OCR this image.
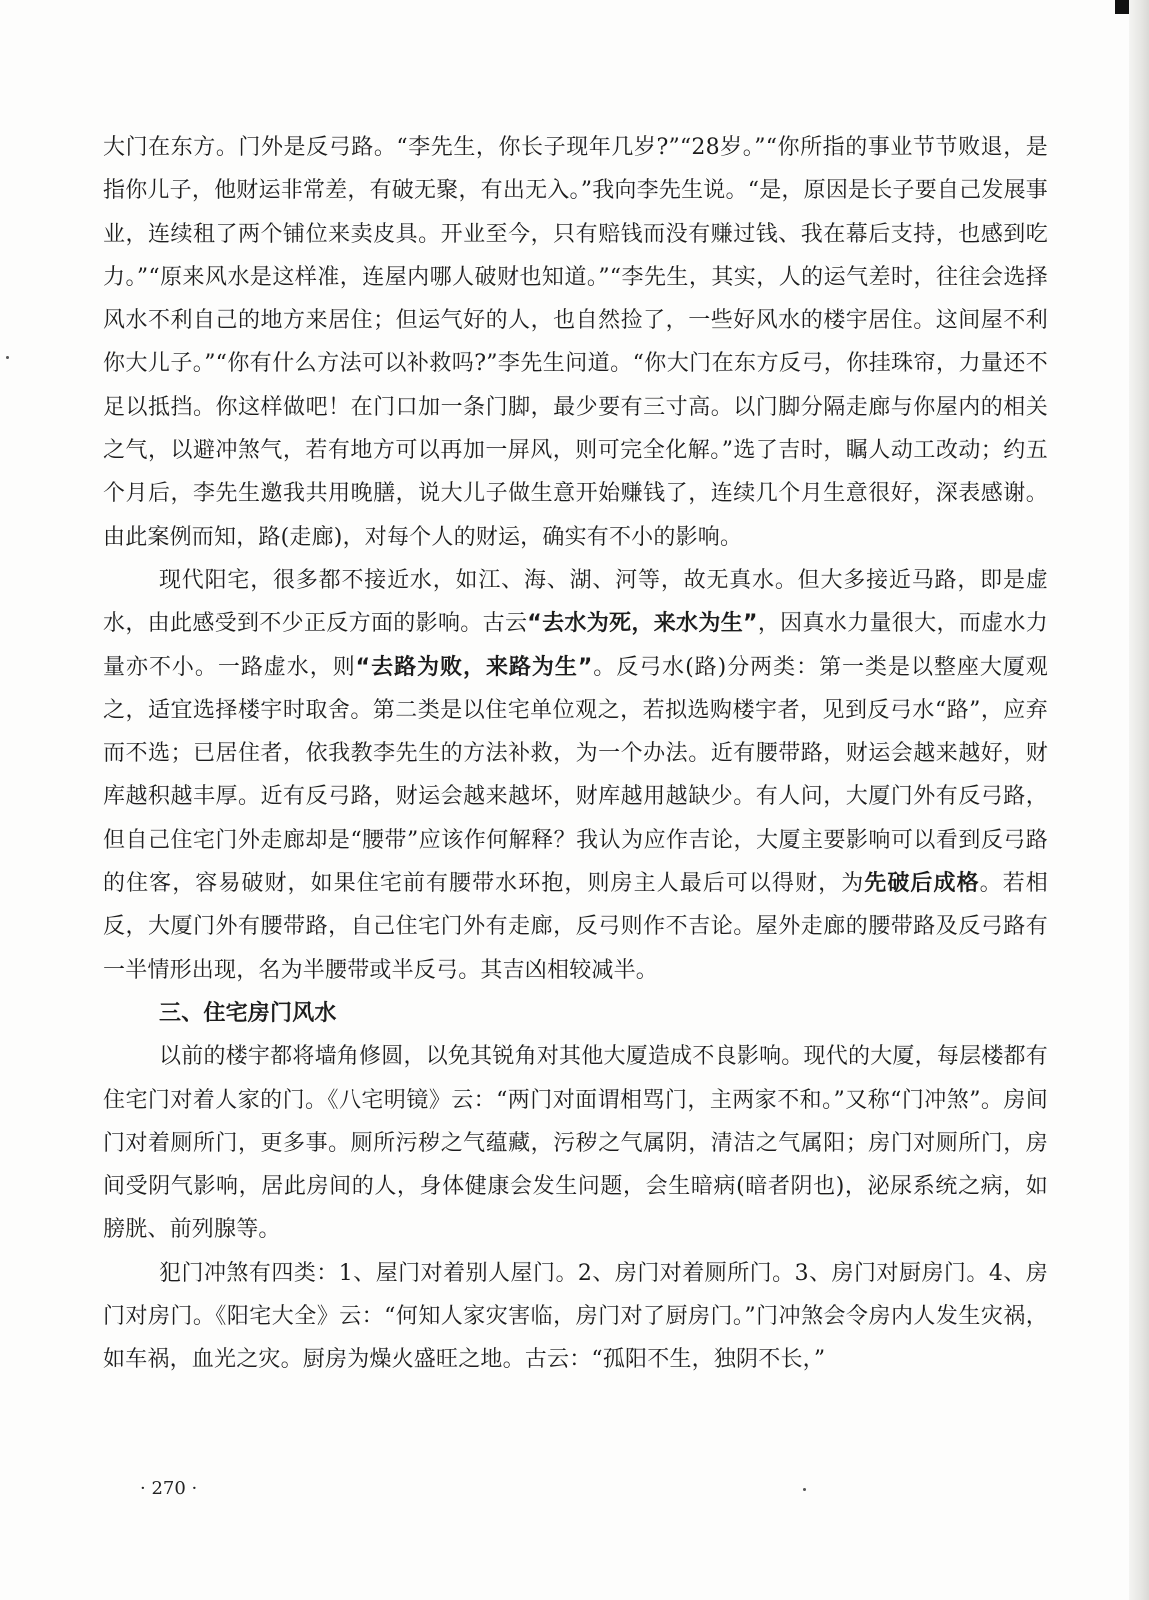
大门在东方。门外是反弓路。“李先生，你长子现年几岁?”“28岁。”“你所指的事业节节败退，是指你儿子，他财运非常差，有破无聚，有出无入。”我向李先生说。“是，原因是长子要自己发展事业，连续租了两个铺位来卖皮具。开业至今，只有赔钱而没有赚过钱、我在幕后支持，也感到吃力。”“原来风水是这样准，连屋内哪人破财也知道。”“李先生，其实，人的运气差时，往往会选择风水不利自己的地方来居住；但运气好的人，也自然捡了，一些好风水的楼宇居住。这间屋不利你大儿子。”“你有什么方法可以补救吗?”李先生问道。“你大门在东方反弓，你挂珠帘，力量还不足以抵挡。你这样做吧！在门口加一条门脚，最少要有三寸高。以门脚分隔走廊与你屋内的相关之气，以避冲煞气，若有地方可以再加一屏风，则可完全化解。”选了吉时，瞩人动工改动；约五个月后，李先生邀我共用晚膳，说大儿子做生意开始赚钱了，连续几个月生意很好，深表感谢。由此案例而知，路(走廊)，对每个人的财运，确实有不小的影响。

现代阳宅，很多都不接近水，如江、海、湖、河等，故无真水。但大多接近马路，即是虚水，由此感受到不少正反方面的影响。古云“去水为死，来水为生”，因真水力量很大，而虚水力量亦不小。一路虚水，则“去路为败，来路为生”。反弓水(路)分两类：第一类是以整座大厦观之，适宜选择楼宇时取舍。第二类是以住宅单位观之，若拟选购楼宇者，见到反弓水“路”，应弃而不选；已居住者，依我教李先生的方法补救，为一个办法。近有腰带路，财运会越来越好，财库越积越丰厚。近有反弓路，财运会越来越坏，财库越用越缺少。有人问，大厦门外有反弓路，但自己住宅门外走廊却是“腰带”应该作何解释？我认为应作吉论，大厦主要影响可以看到反弓路的住客，容易破财，如果住宅前有腰带水环抱，则房主人最后可以得财，为先破后成格。若相反，大厦门外有腰带路，自己住宅门外有走廊，反弓则作不吉论。屋外走廊的腰带路及反弓路有一半情形出现，名为半腰带或半反弓。其吉凶相较减半。

三、住宅房门风水

以前的楼宇都将墙角修圆，以免其锐角对其他大厦造成不良影响。现代的大厦，每层楼都有住宅门对着人家的门。《八宅明镜》云：“两门对面谓相骂门，主两家不和。”又称“门冲煞”。房间门对着厕所门，更多事。厕所污秽之气蕴藏，污秽之气属阴，清洁之气属阳；房门对厕所门，房间受阴气影响，居此房间的人，身体健康会发生问题，会生暗病(暗者阴也)，泌尿系统之病，如膀胱、前列腺等。

犯门冲煞有四类：1、屋门对着别人屋门。2、房门对着厕所门。3、房门对厨房门。4、房门对房门。《阳宅大全》云：“何知人家灾害临，房门对了厨房门。”门冲煞会令房内人发生灾祸，如车祸，血光之灾。厨房为燥火盛旺之地。古云：“孤阳不生，独阴不长，”

· 270 ·
